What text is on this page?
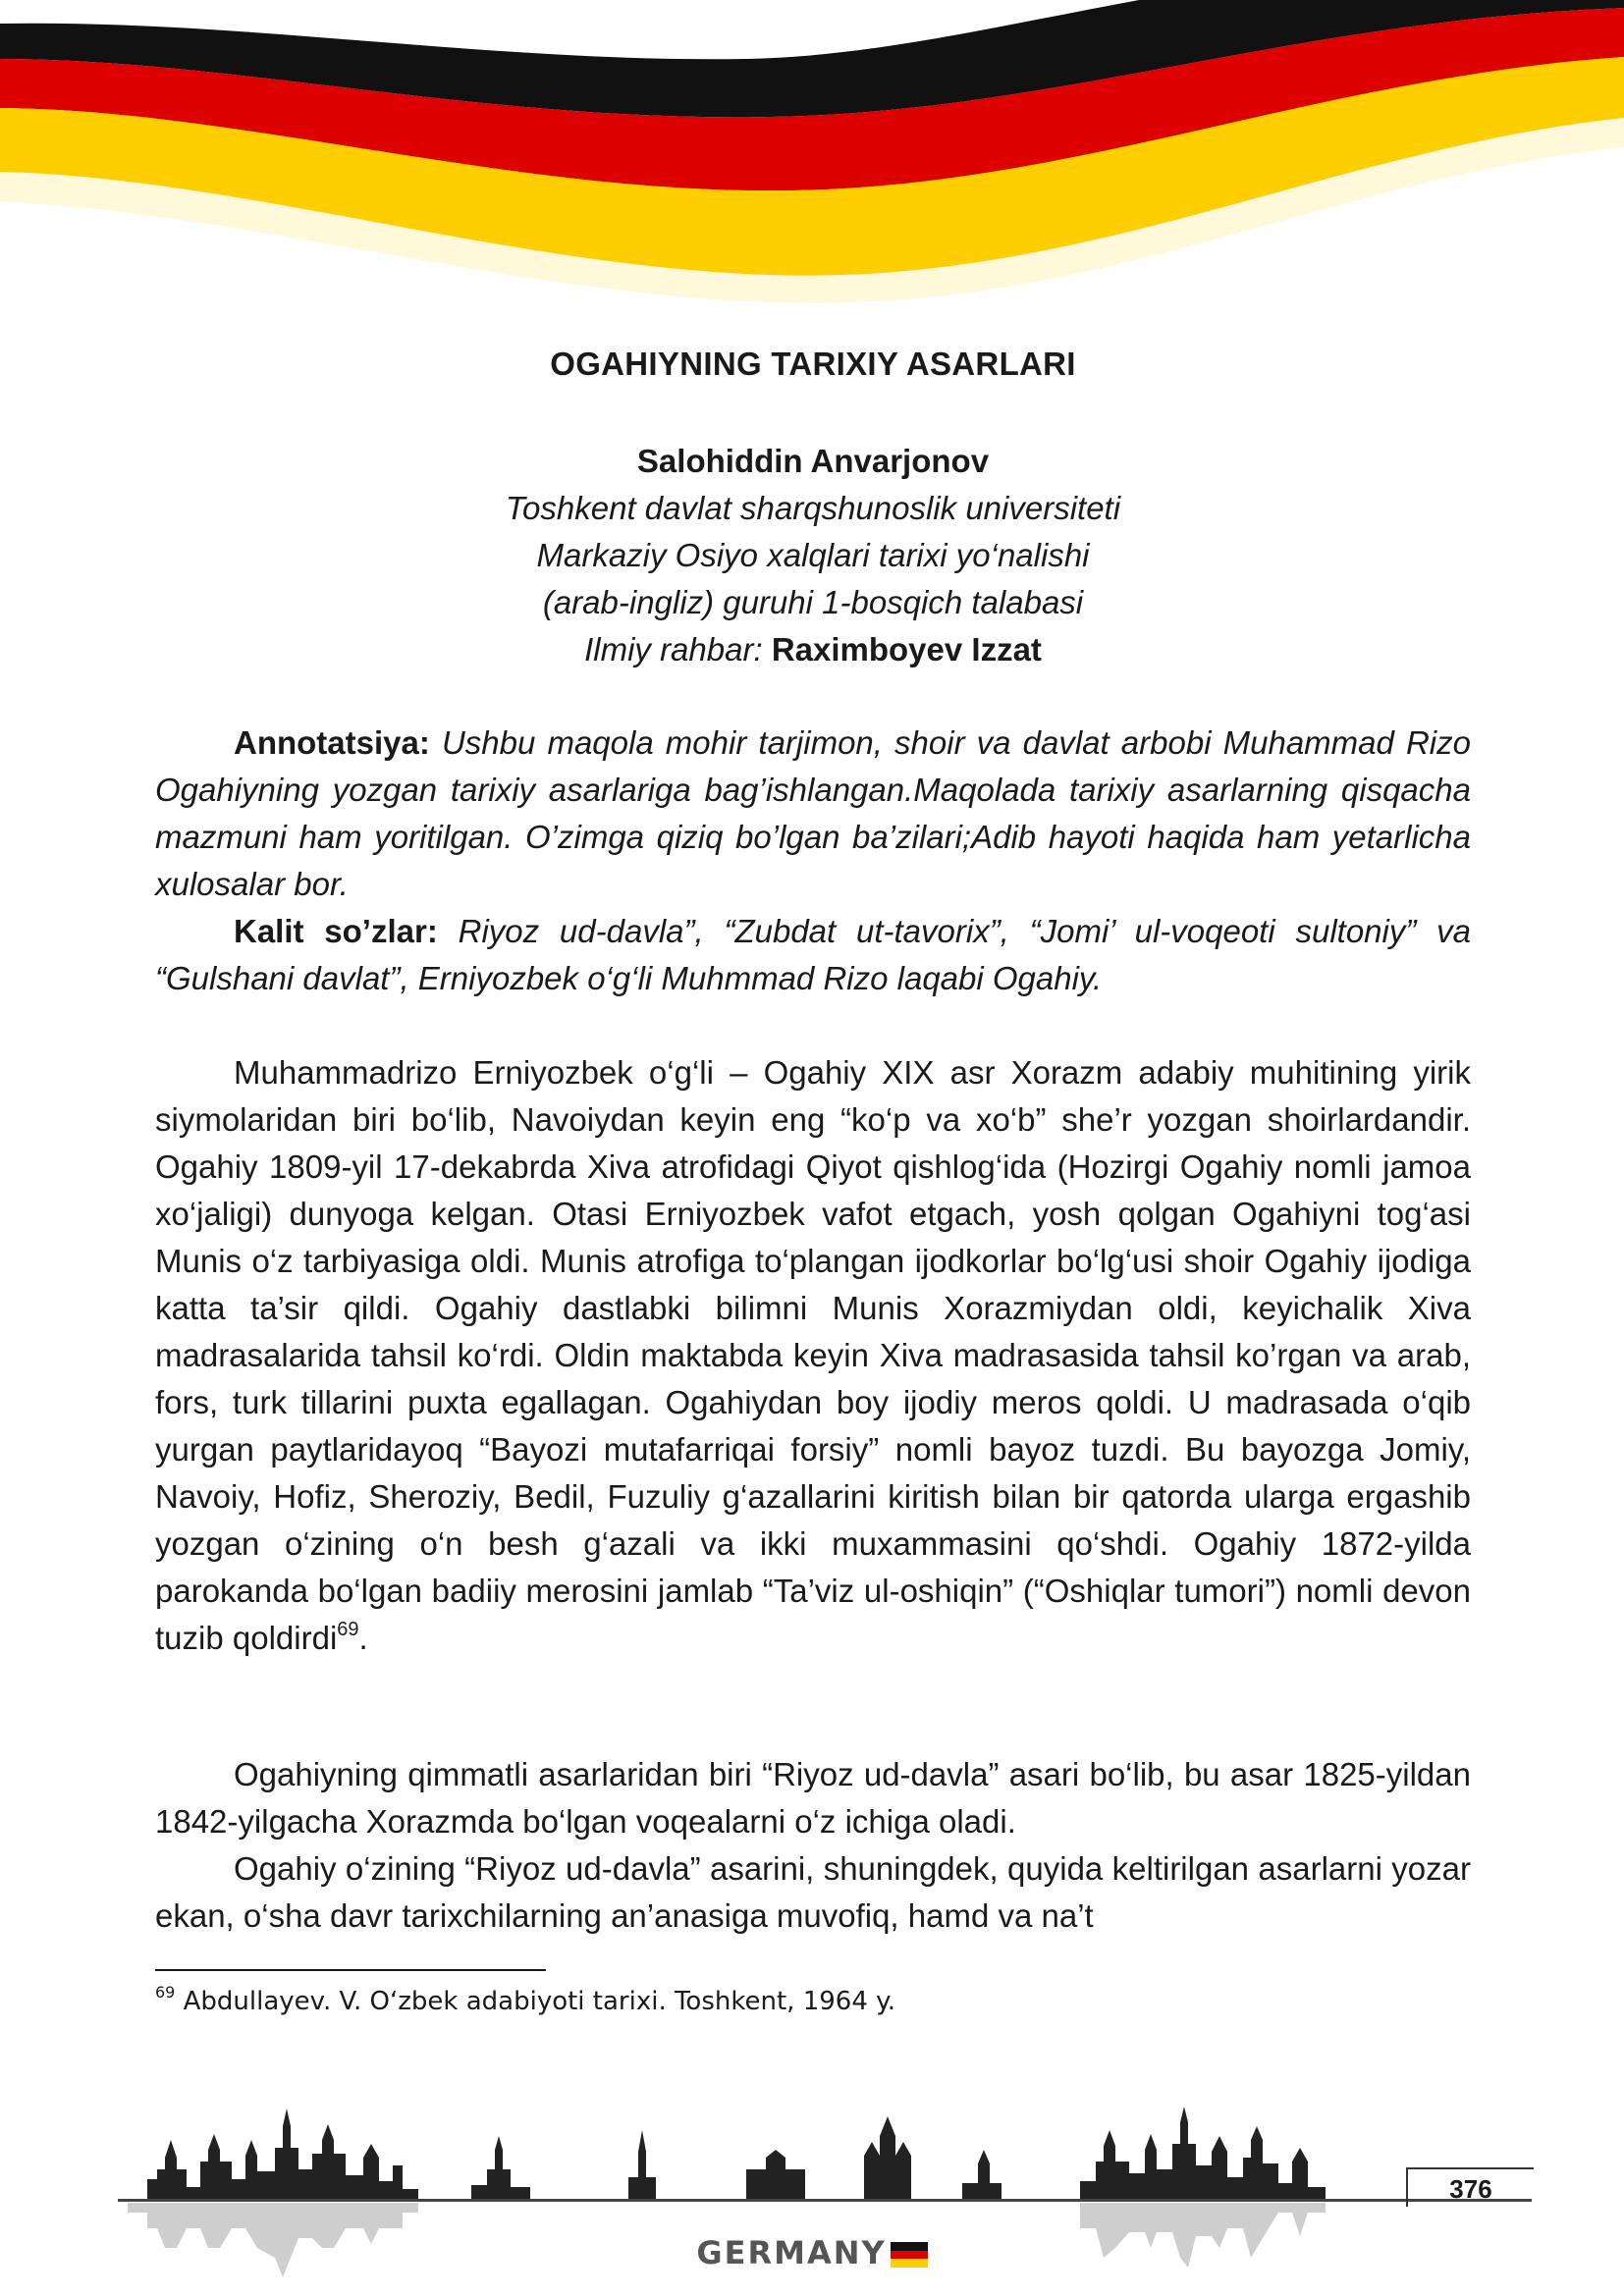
OGAHIYNING TARIXIY ASARLARI
Salohiddin Anvarjonov
Toshkent davlat sharqshunoslik universiteti
Markaziy Osiyo xalqlari tarixi yo‘nalishi
(arab-ingliz) guruhi 1-bosqich talabasi
Ilmiy rahbar: Raximboyev Izzat

Annotatsiya: Ushbu maqola mohir tarjimon, shoir va davlat arbobi Muhammad Rizo Ogahiyning yozgan tarixiy asarlariga bag’ishlangan.Maqolada tarixiy asarlarning qisqacha mazmuni ham yoritilgan. O’zimga qiziq bo’lgan ba’zilari;Adib hayoti haqida ham yetarlicha xulosalar bor.

Kalit so’zlar: Riyoz ud-davla”, “Zubdat ut-tavorix”, “Jomi’ ul-voqeoti sultoniy” va “Gulshani davlat”, Erniyozbek o‘g‘li Muhmmad Rizo laqabi Ogahiy.

Muhammadrizo Erniyozbek o‘g‘li – Ogahiy XIX asr Xorazm adabiy muhitining yirik siymolaridan biri bo‘lib, Navoiydan keyin eng “ko‘p va xo‘b” she’r yozgan shoirlardandir. Ogahiy 1809-yil 17-dekabrda Xiva atrofidagi Qiyot qishlog‘ida (Hozirgi Ogahiy nomli jamoa xo‘jaligi) dunyoga kelgan. Otasi Erniyozbek vafot etgach, yosh qolgan Ogahiyni tog‘asi Munis o‘z tarbiyasiga oldi. Munis atrofiga to‘plangan ijodkorlar bo‘lg‘usi shoir Ogahiy ijodiga katta ta’sir qildi. Ogahiy dastlabki bilimni Munis Xorazmiydan oldi, keyichalik Xiva madrasalarida tahsil ko‘rdi. Oldin maktabda keyin Xiva madrasasida tahsil ko’rgan va arab, fors, turk tillarini puxta egallagan. Ogahiydan boy ijodiy meros qoldi. U madrasada o‘qib yurgan paytlaridayoq “Bayozi mutafarriqai forsiy” nomli bayoz tuzdi. Bu bayozga Jomiy, Navoiy, Hofiz, Sheroziy, Bedil, Fuzuliy g‘azallarini kiritish bilan bir qatorda ularga ergashib yozgan o‘zining o‘n besh g‘azali va ikki muxammasini qo‘shdi. Ogahiy 1872-yilda parokanda bo‘lgan badiiy merosini jamlab “Ta’viz ul-oshiqin” (“Oshiqlar tumori”) nomli devon tuzib qoldirdi$^{69}$.

Ogahiyning qimmatli asarlaridan biri “Riyoz ud-davla” asari bo‘lib, bu asar 1825-yildan 1842-yilgacha Xorazmda bo‘lgan voqealarni o‘z ichiga oladi.

Ogahiy o‘zining “Riyoz ud-davla” asarini, shuningdek, quyida keltirilgan asarlarni yozar ekan, o‘sha davr tarixchilarning an’anasiga muvofiq, hamd va na’t

$^{69}$ Abdullayev. V. O‘zbek adabiyoti tarixi. Toshkent, 1964 y.
376
GERMANY
